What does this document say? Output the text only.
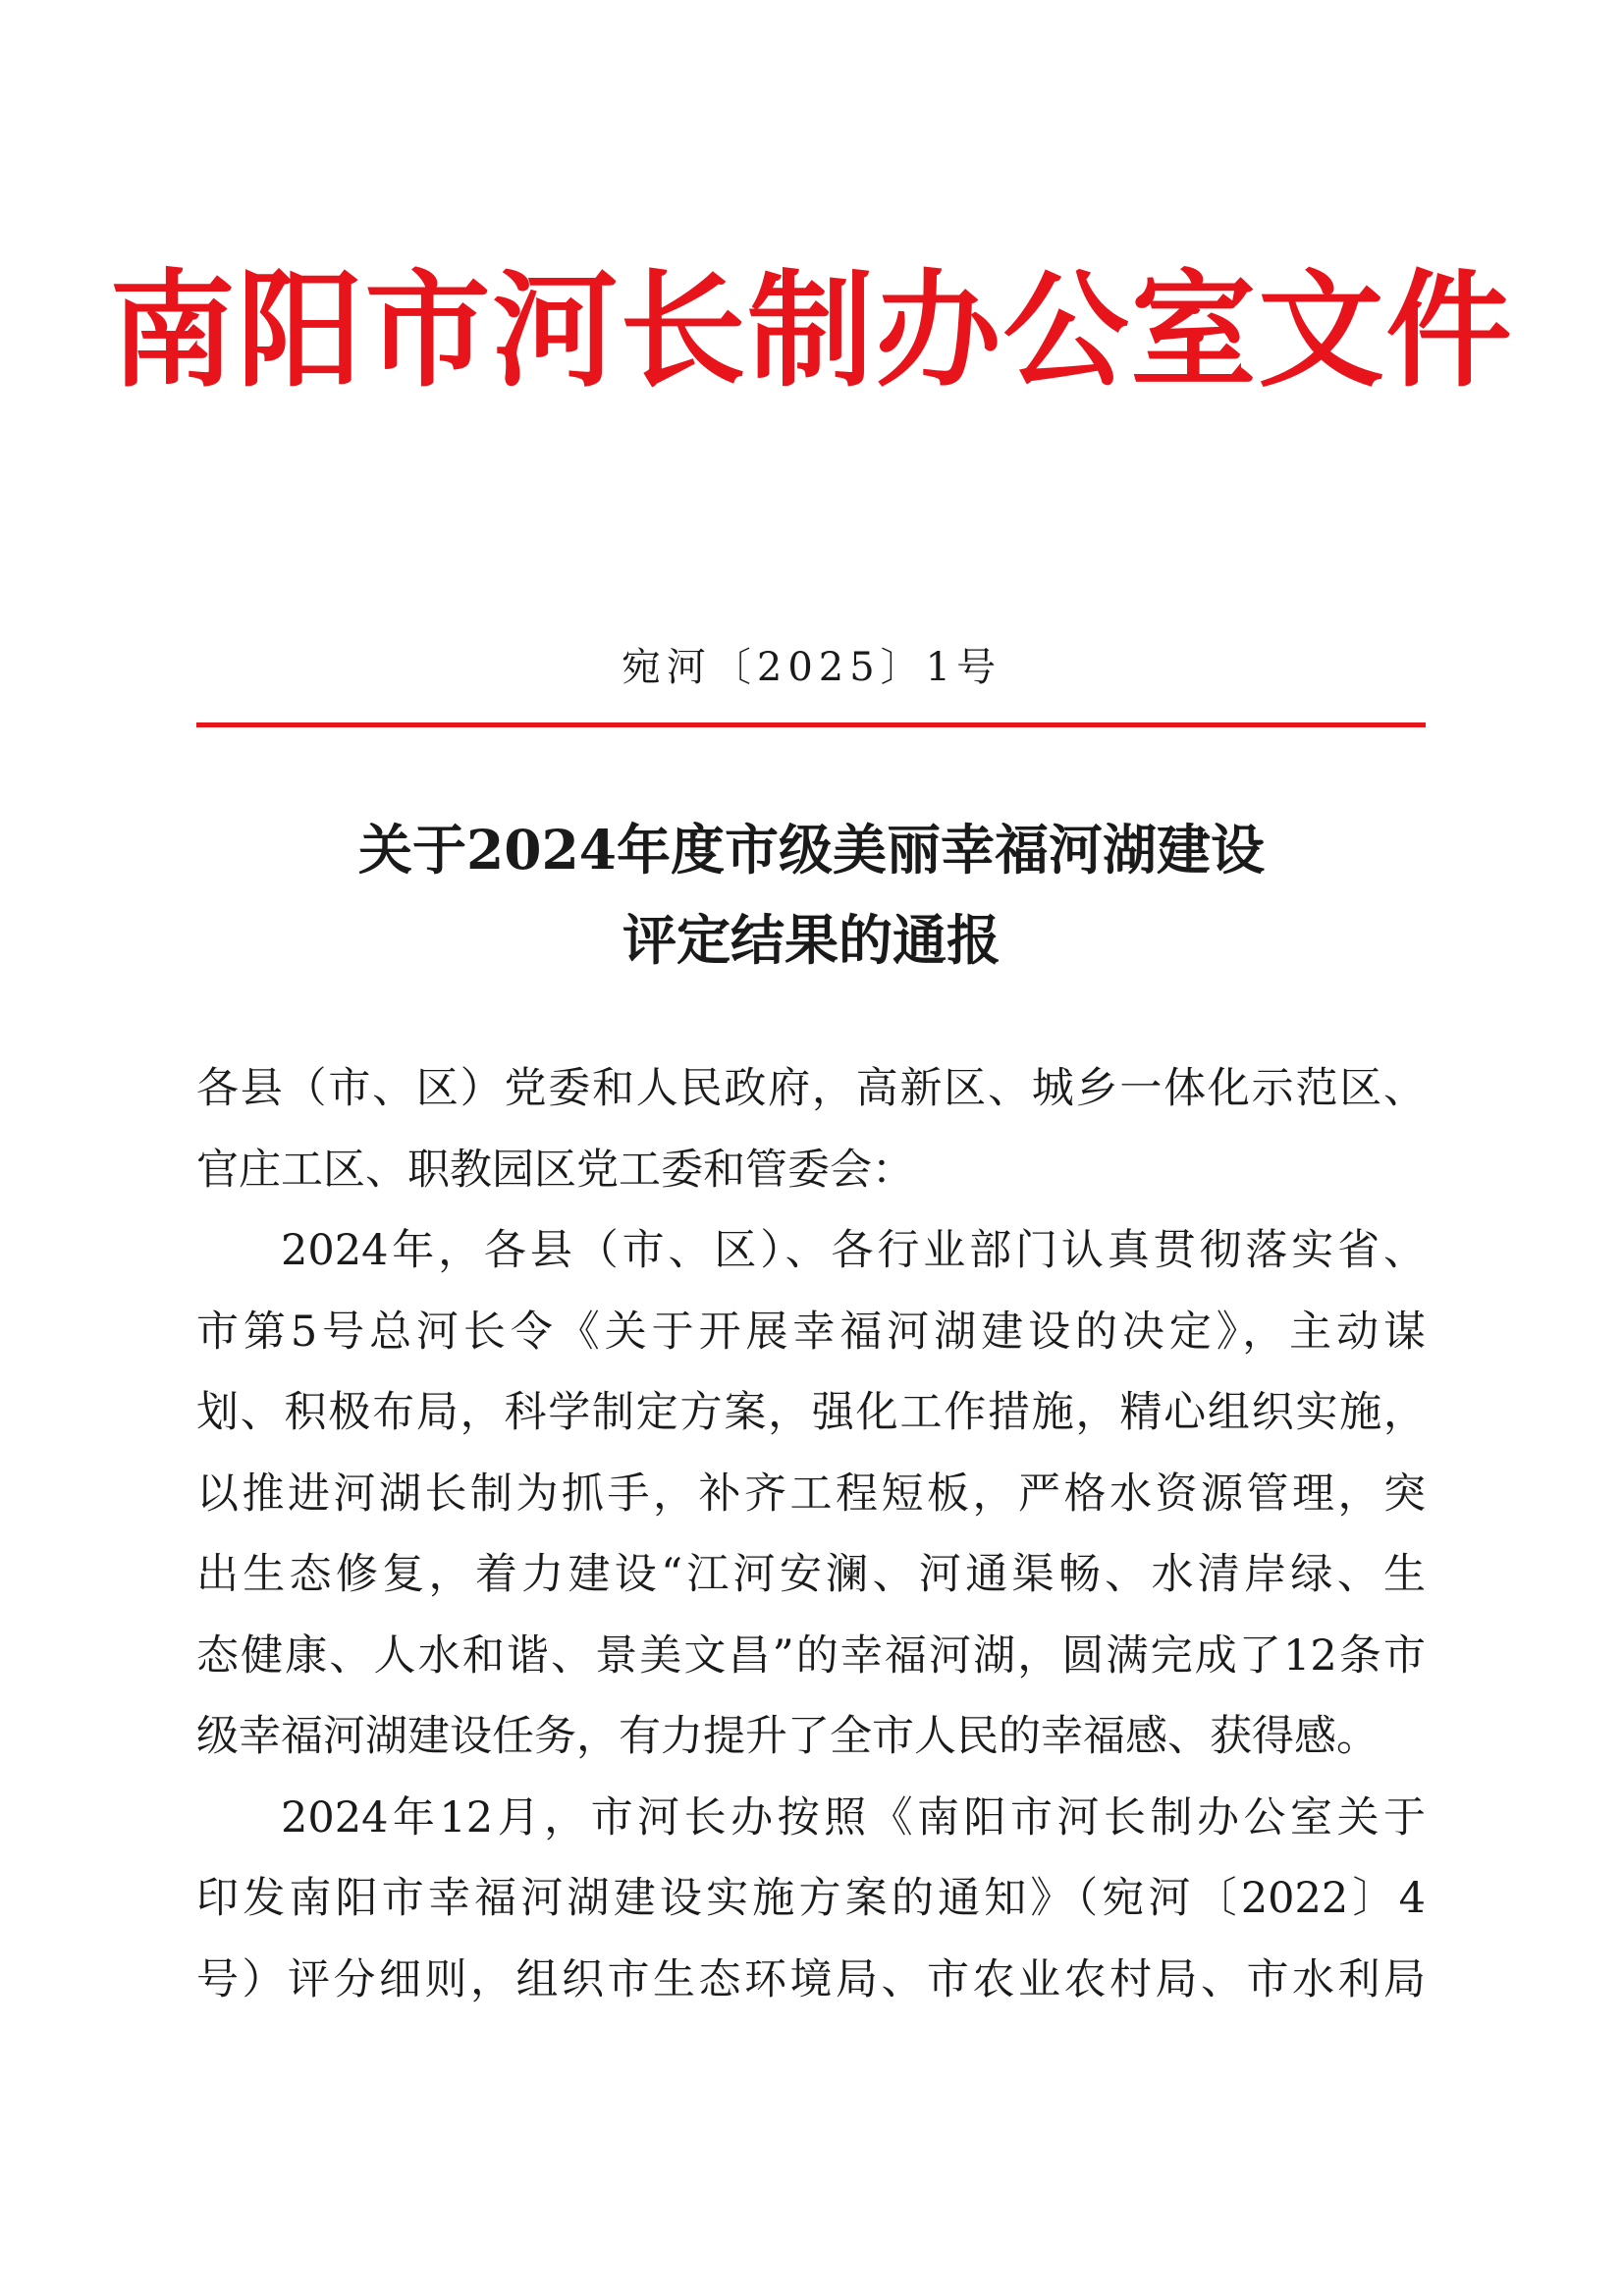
南阳市河长制办公室文件
宛河〔2025〕1号
关于2024年度市级美丽幸福河湖建设
评定结果的通报
各县（市、区）党委和人民政府，高新区、城乡一体化示范区、
官庄工区、职教园区党工委和管委会：
2024年，各县（市、区）、各行业部门认真贯彻落实省、
市第5号总河长令《关于开展幸福河湖建设的决定》，主动谋
划、积极布局，科学制定方案，强化工作措施，精心组织实施，
以推进河湖长制为抓手，补齐工程短板，严格水资源管理，突
出生态修复，着力建设“江河安澜、河通渠畅、水清岸绿、生
态健康、人水和谐、景美文昌”的幸福河湖，圆满完成了12条市
级幸福河湖建设任务，有力提升了全市人民的幸福感、获得感。
2024年12月，市河长办按照《南阳市河长制办公室关于
印发南阳市幸福河湖建设实施方案的通知》（宛河〔2022〕4
号）评分细则，组织市生态环境局、市农业农村局、市水利局
